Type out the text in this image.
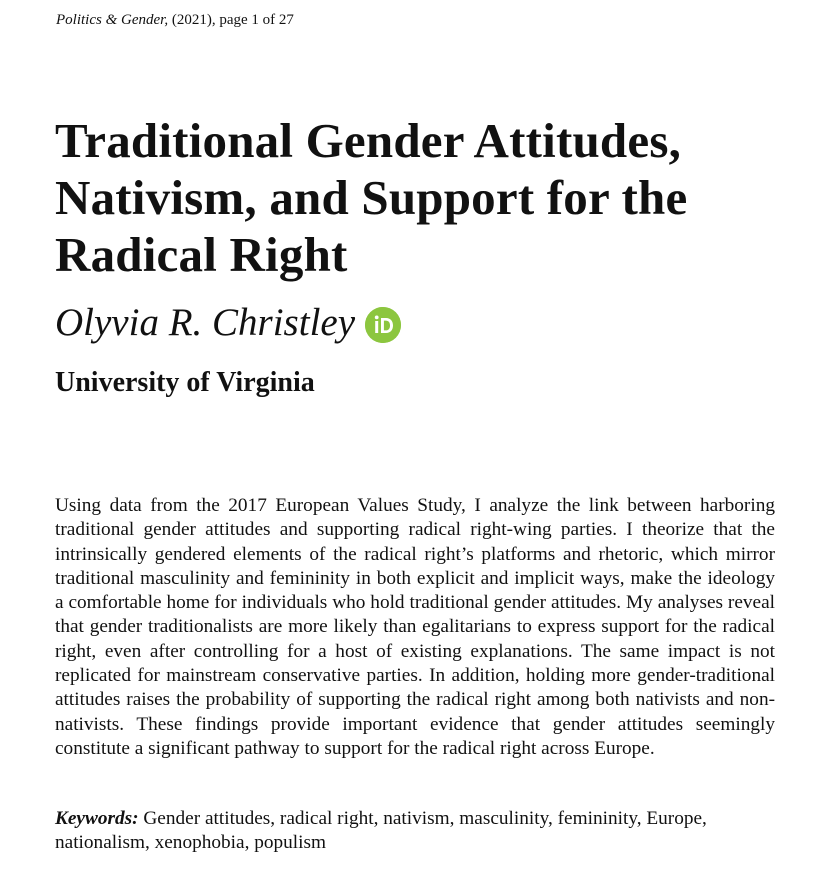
Politics & Gender, (2021), page 1 of 27
Traditional Gender Attitudes, Nativism, and Support for the Radical Right
Olyvia R. Christley
University of Virginia

Using data from the 2017 European Values Study, I analyze the link between harboring traditional gender attitudes and supporting radical right-wing parties. I theorize that the intrinsically gendered elements of the radical right’s platforms and rhetoric, which mirror traditional masculinity and femininity in both explicit and implicit ways, make the ideology a comfortable home for individuals who hold traditional gender attitudes. My analyses reveal that gender traditionalists are more likely than egalitarians to express support for the radical right, even after controlling for a host of existing explanations. The same impact is not replicated for mainstream conservative parties. In addition, holding more gender-traditional attitudes raises the probability of supporting the radical right among both nativists and non-nativists. These findings provide important evidence that gender attitudes seemingly constitute a significant pathway to support for the radical right across Europe.

Keywords: Gender attitudes, radical right, nativism, masculinity, femininity, Europe, nationalism, xenophobia, populism
